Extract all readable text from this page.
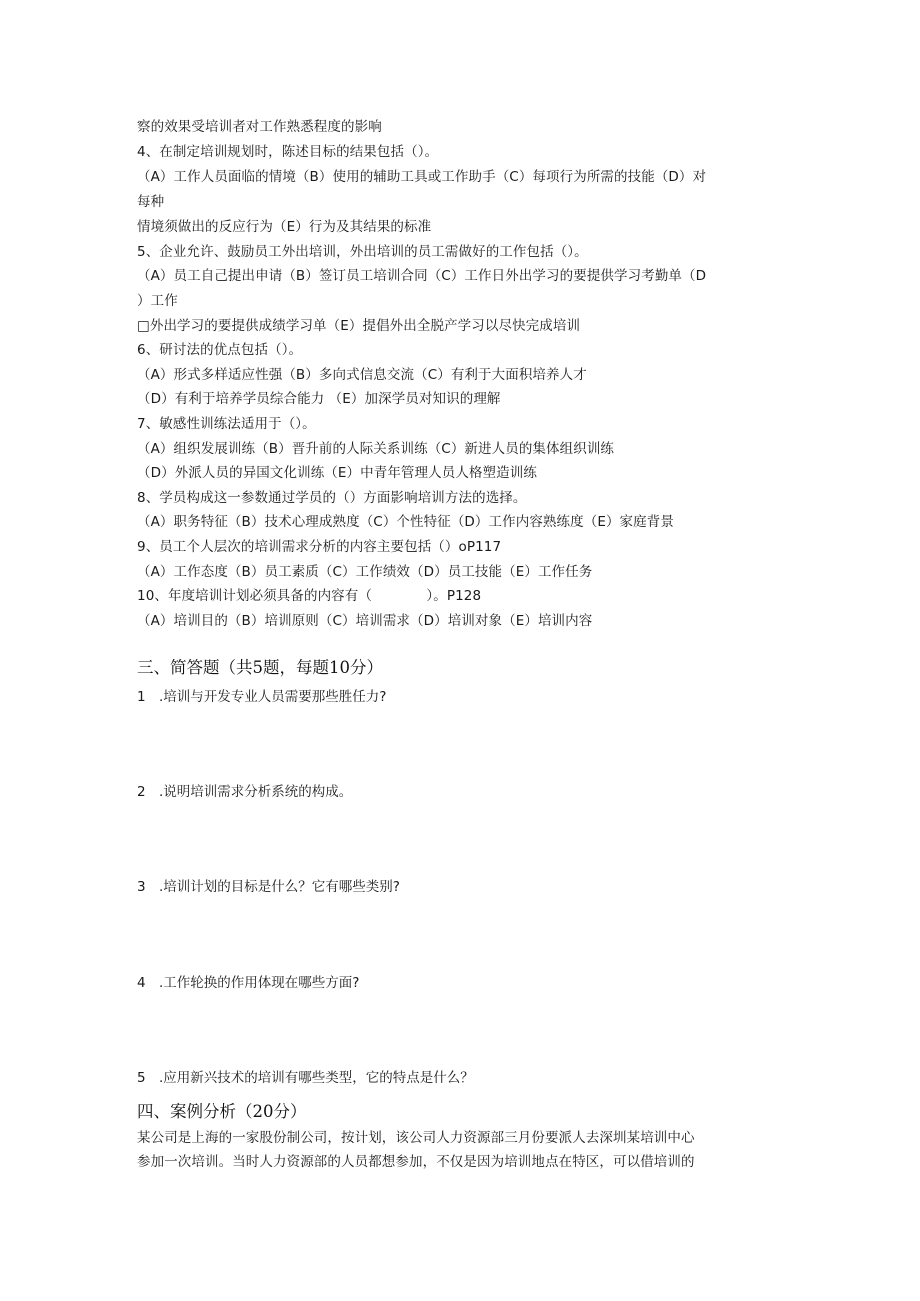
察的效果受培训者对工作熟悉程度的影响
4、在制定培训规划时，陈述目标的结果包括（）。
（A）工作人员面临的情境（B）使用的辅助工具或工作助手（C）每项行为所需的技能（D）对
每种
情境须做出的反应行为（E）行为及其结果的标准
5、企业允许、鼓励员工外出培训，外出培训的员工需做好的工作包括（）。
（A）员工自己提出申请（B）签订员工培训合同（C）工作日外出学习的要提供学习考勤单（D
）工作
□外出学习的要提供成绩学习单（E）提倡外出全脱产学习以尽快完成培训
6、研讨法的优点包括（）。
（A）形式多样适应性强（B）多向式信息交流（C）有利于大面积培养人才
（D）有利于培养学员综合能力 （E）加深学员对知识的理解
7、敏感性训练法适用于（）。
（A）组织发展训练（B）晋升前的人际关系训练（C）新进人员的集体组织训练
（D）外派人员的异国文化训练（E）中青年管理人员人格塑造训练
8、学员构成这一参数通过学员的（）方面影响培训方法的选择。
（A）职务特征（B）技术心理成熟度（C）个性特征（D）工作内容熟练度（E）家庭背景
9、员工个人层次的培训需求分析的内容主要包括（）oP117
（A）工作态度（B）员工素质（C）工作绩效（D）员工技能（E）工作任务
10、年度培训计划必须具备的内容有（　　　　）。P128
（A）培训目的（B）培训原则（C）培训需求（D）培训对象（E）培训内容
三、简答题（共5题，每题10分）
1 .培训与开发专业人员需要那些胜任力?
2 .说明培训需求分析系统的构成。
3 .培训计划的目标是什么？它有哪些类别?
4 .工作轮换的作用体现在哪些方面?
5 .应用新兴技术的培训有哪些类型，它的特点是什么？
四、案例分析（20分）
某公司是上海的一家股份制公司，按计划，该公司人力资源部三月份要派人去深圳某培训中心
参加一次培训。当时人力资源部的人员都想参加，不仅是因为培训地点在特区，可以借培训的
